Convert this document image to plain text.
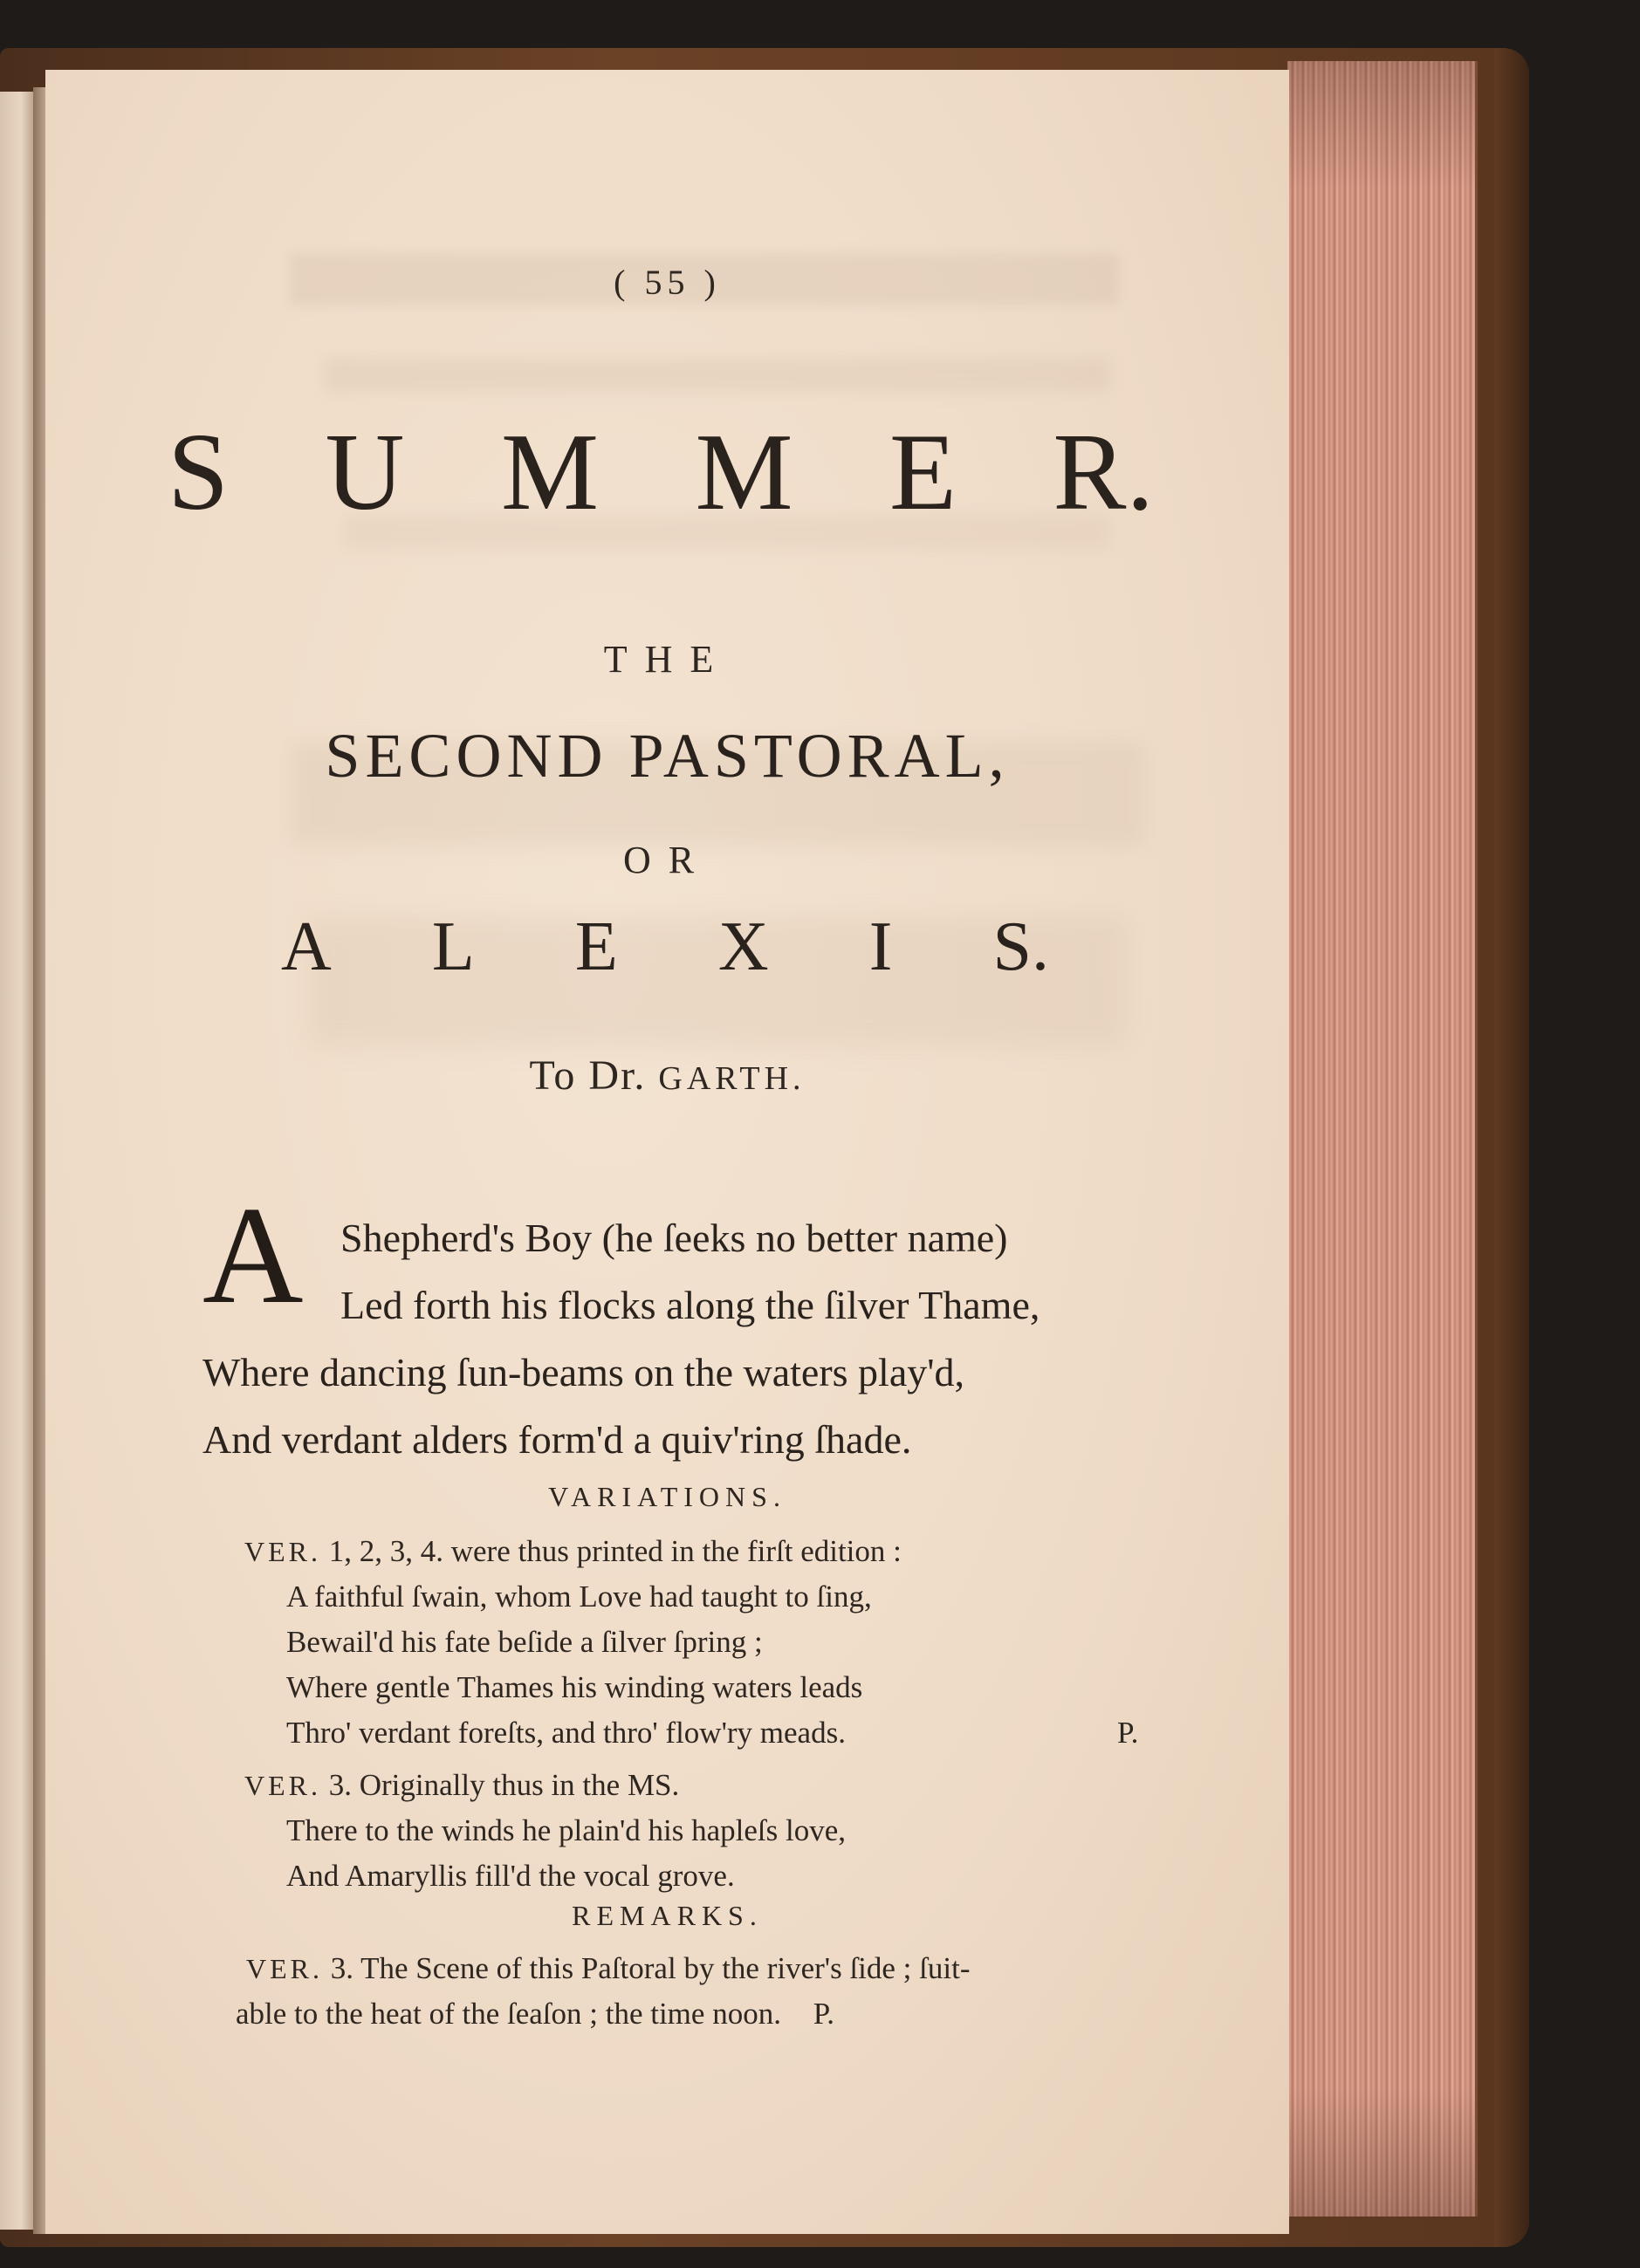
( 55 )
S U M M E R.
THE
SECOND PASTORAL,
OR
A L E X I S.
To Dr. GARTH.
A Shepherd's Boy (he ſeeks no better name)
Led forth his flocks along the ſilver Thame,
Where dancing ſun-beams on the waters play'd,
And verdant alders form'd a quiv'ring ſhade.
VARIATIONS.
VER. 1, 2, 3, 4. were thus printed in the firſt edition :
A faithful ſwain, whom Love had taught to ſing,
Bewail'd his fate beſide a ſilver ſpring ;
Where gentle Thames his winding waters leads
Thro' verdant foreſts, and thro' flow'ry meads.	P.
VER. 3. Originally thus in the MS.
There to the winds he plain'd his hapleſs love,
And Amaryllis fill'd the vocal grove.
REMARKS.
VER. 3. The Scene of this Paſtoral by the river's ſide ; ſuit-
able to the heat of the ſeaſon ; the time noon. P.
